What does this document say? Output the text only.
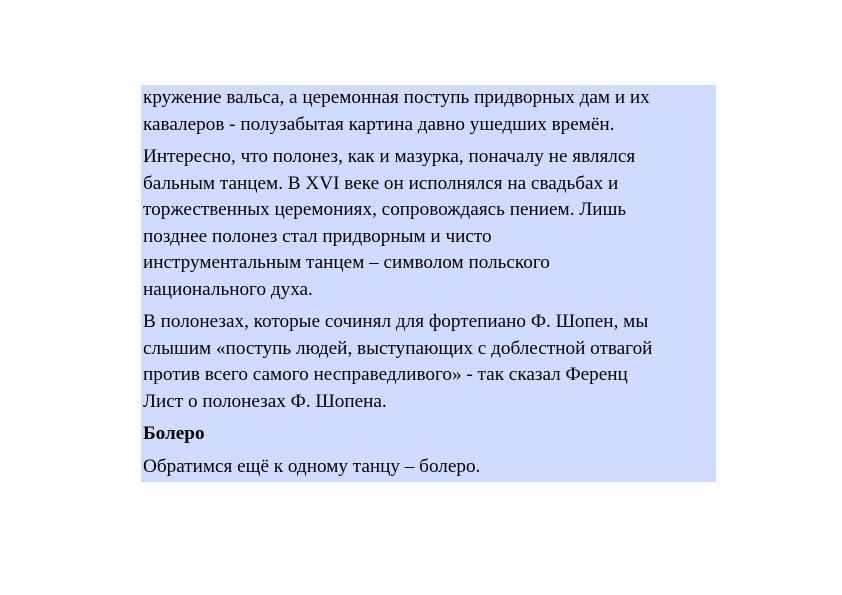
кружение вальса, а церемонная поступь придворных дам и их
кавалеров - полузабытая картина давно ушедших времён.

Интересно, что полонез, как и мазурка, поначалу не являлся
бальным танцем. В XVI веке он исполнялся на свадьбах и
торжественных церемониях, сопровождаясь пением. Лишь
позднее полонез стал придворным и чисто
инструментальным танцем – символом польского
национального духа.

В полонезах, которые сочинял для фортепиано Ф. Шопен, мы
слышим «поступь людей, выступающих с доблестной отвагой
против всего самого несправедливого» - так сказал Ференц
Лист о полонезах Ф. Шопена.

Болеро

Обратимся ещё к одному танцу – болеро.
